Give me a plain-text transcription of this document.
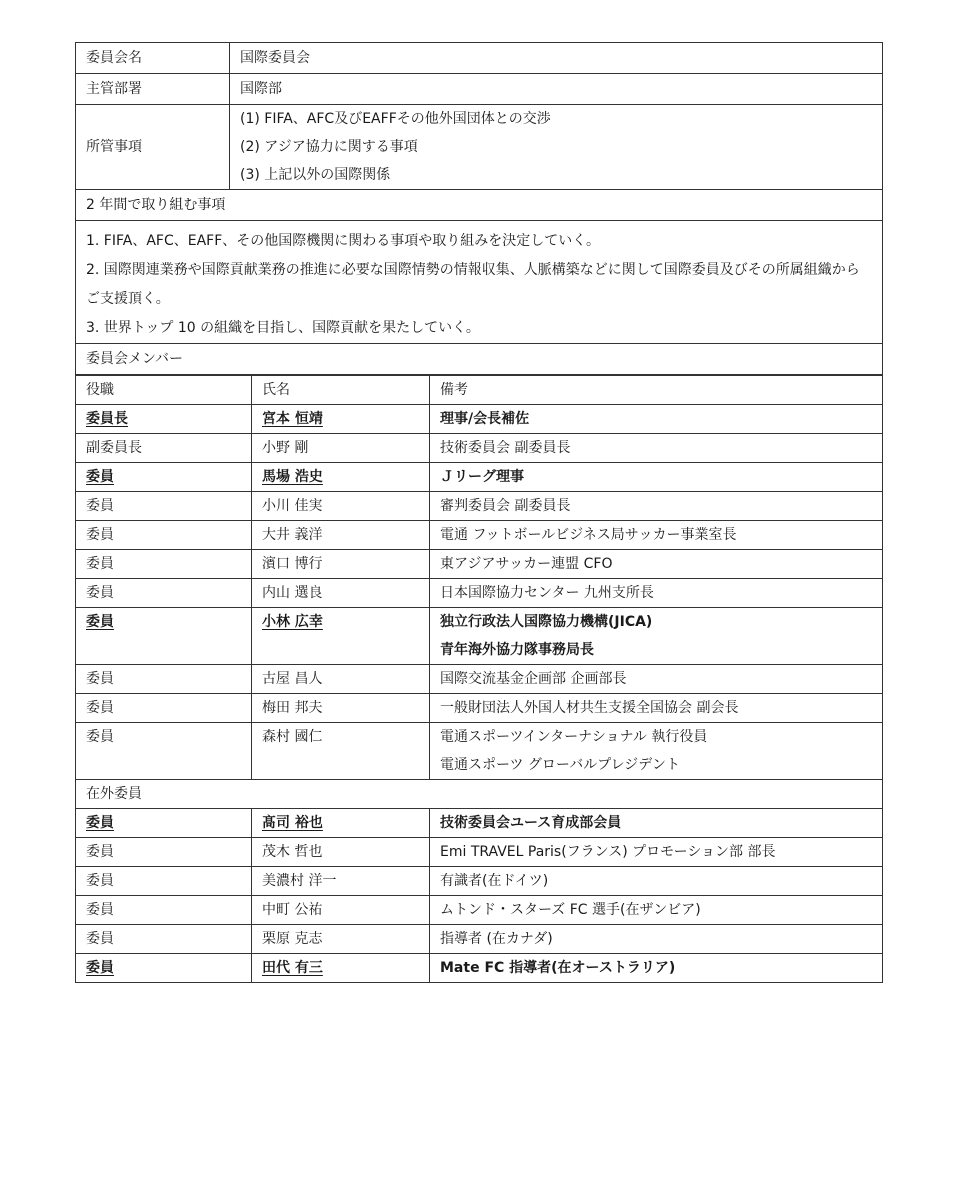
委員会名	国際委員会
主管部署	国際部
所管事項	(1) FIFA、AFC及びEAFFその他外国団体との交渉
(2) アジア協力に関する事項
(3) 上記以外の国際関係

2 年間で取り組む事項	

1. FIFA、AFC、EAFF、その他国際機関に関わる事項や取り組みを決定していく。
2. 国際関連業務や国際貢献業務の推進に必要な国際情勢の情報収集、人脈構築などに関して国際委員及びその所属組織からご支援頂く。
3. 世界トップ 10 の組織を目指し、国際貢献を果たしていく。	

委員会メンバー	
役職	氏名	備考
委員長	宮本 恒靖	理事/会長補佐
副委員長	小野 剛	技術委員会 副委員長
委員	馬場 浩史	Ｊリーグ理事
委員	小川 佳実	審判委員会 副委員長
委員	大井 義洋	電通 フットボールビジネス局サッカー事業室長
委員	濱口 博行	東アジアサッカー連盟 CFO
委員	内山 選良	日本国際協力センター 九州支所長
委員	小林 広幸	独立行政法人国際協力機構(JICA)
青年海外協力隊事務局長

委員	古屋 昌人	国際交流基金企画部 企画部長
委員	梅田 邦夫	一般財団法人外国人材共生支援全国協会 副会長
委員	森村 國仁	電通スポーツインターナショナル 執行役員
電通スポーツ グローバルプレジデント

在外委員		
委員	髙司 裕也	技術委員会ユース育成部会員
委員	茂木 哲也	Emi TRAVEL Paris(フランス) プロモーション部 部長
委員	美濃村 洋一	有識者(在ドイツ)
委員	中町 公祐	ムトンド・スターズ FC 選手(在ザンビア)
委員	栗原 克志	指導者 (在カナダ)
委員	田代 有三	Mate FC 指導者(在オーストラリア)
